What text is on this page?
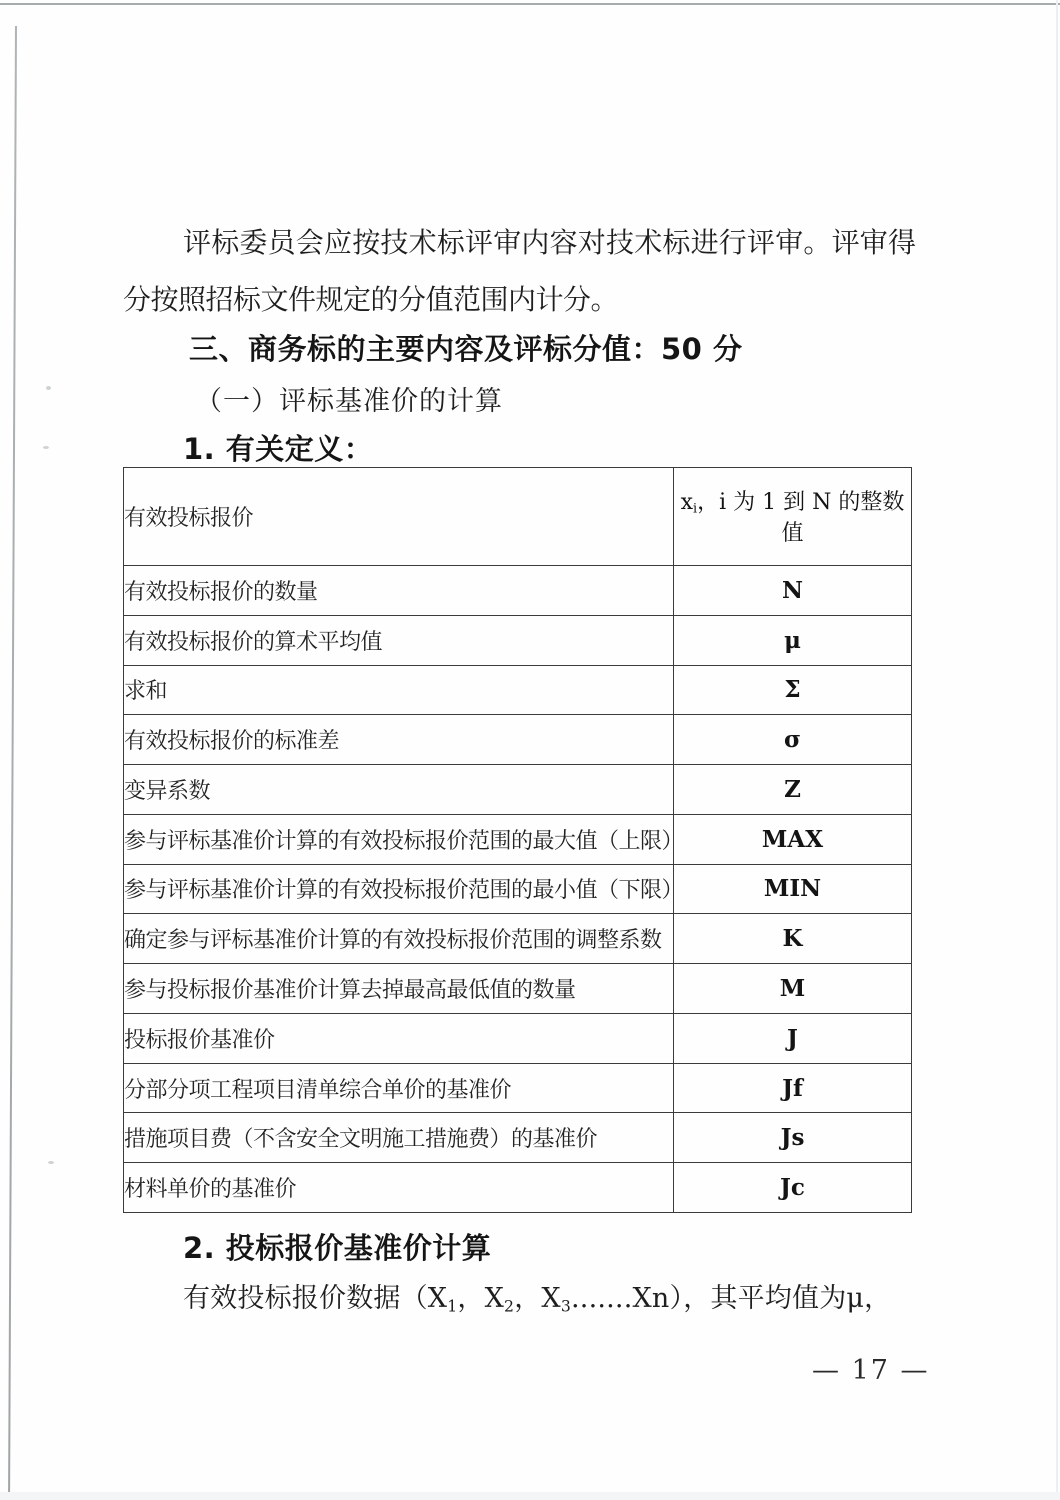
评标委员会应按技术标评审内容对技术标进行评审。评审得
分按照招标文件规定的分值范围内计分。
三、商务标的主要内容及评标分值：50 分
（一）评标基准价的计算
1. 有关定义：
有效投标报价	$x_i$，i 为 1 到 N 的整数值
有效投标报价的数量	N
有效投标报价的算术平均值	μ
求和	Σ
有效投标报价的标准差	σ
变异系数	Z
参与评标基准价计算的有效投标报价范围的最大值（上限）	MAX
参与评标基准价计算的有效投标报价范围的最小值（下限）	MIN
确定参与评标基准价计算的有效投标报价范围的调整系数	K
参与投标报价基准价计算去掉最高最低值的数量	M
投标报价基准价	J
分部分项工程项目清单综合单价的基准价	Jf
措施项目费（不含安全文明施工措施费）的基准价	Js
材料单价的基准价	Jc
2. 投标报价基准价计算
有效投标报价数据（$X_1$，$X_2$，$X_3.......Xn$），其平均值为μ，
— 17 —
